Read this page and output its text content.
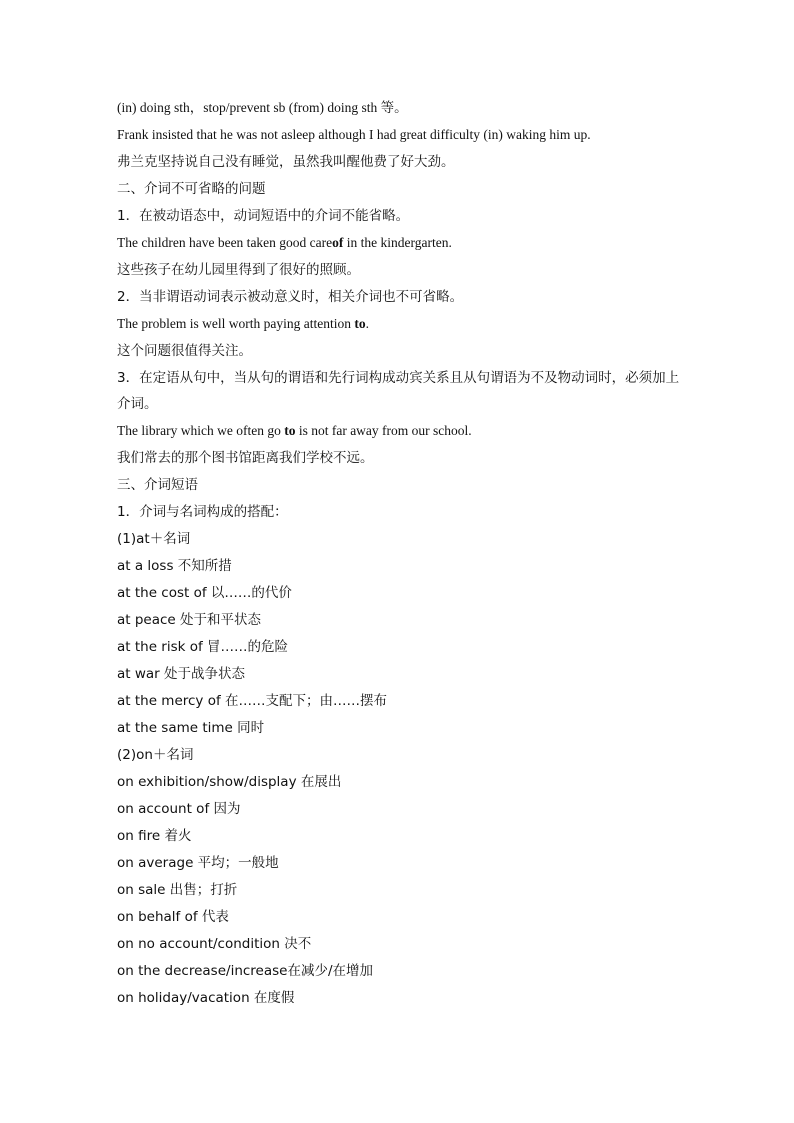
(in) doing sth，stop/prevent sb (from) doing sth 等。

Frank insisted that he was not asleep although I had great difficulty (in) waking him up.

弗兰克坚持说自己没有睡觉，虽然我叫醒他费了好大劲。

二、介词不可省略的问题

1．在被动语态中，动词短语中的介词不能省略。

The children have been taken good careof in the kindergarten.

这些孩子在幼儿园里得到了很好的照顾。

2．当非谓语动词表示被动意义时，相关介词也不可省略。

The problem is well worth paying attention to.

这个问题很值得关注。

3．在定语从句中，当从句的谓语和先行词构成动宾关系且从句谓语为不及物动词时，必须加上介词。

The library which we often go to is not far away from our school.

我们常去的那个图书馆距离我们学校不远。

三、介词短语

1．介词与名词构成的搭配：

(1)at＋名词

at a loss 不知所措

at the cost of 以……的代价

at peace 处于和平状态

at the risk of 冒……的危险

at war 处于战争状态

at the mercy of 在……支配下；由……摆布

at the same time 同时

(2)on＋名词

on exhibition/show/display 在展出

on account of 因为

on fire 着火

on average 平均；一般地

on sale 出售；打折

on behalf of 代表

on no account/condition 决不

on the decrease/increase在减少/在增加

on holiday/vacation 在度假
